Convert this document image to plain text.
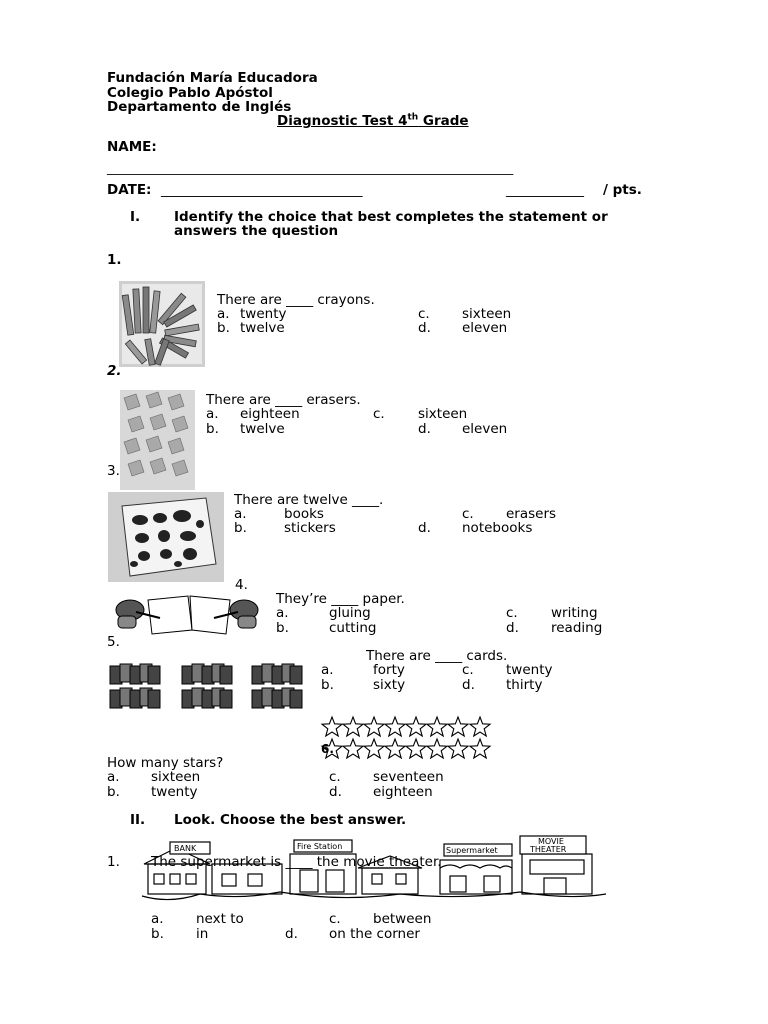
Fundación María Educadora
Colegio Pablo Apóstol
Departamento de Inglés
Diagnostic Test 4th Grade
NAME:
_________________________________________________________________
DATE: _______________________________	____________ / pts.
I.	Identify the choice that best completes the statement or
answers the question
1.
There are ____ crayons.
a. twenty
b. twelve
c. sixteen
d. eleven
2.
There are ____ erasers.
a. eighteen
b. twelve
c. sixteen
d. eleven
3.
There are twelve ____.
a.	books
b.	stickers
c. erasers
d. notebooks
4.
They’re ____ paper.
a.	gluing
b.	cutting
c. writing
d. reading
5.
There are ____ cards.
a.	forty
b.	sixty
c. twenty
d. thirty
6.
How many stars?
a. sixteen
b. twenty
c. seventeen
d. eighteen
II. Look. Choose the best answer.
1. The supermarket is ____ the movie theater.
BANK	Fire Station	Supermarket
MOVIE
THEATER
a. next to
b. in
c. between
d. on the corner
